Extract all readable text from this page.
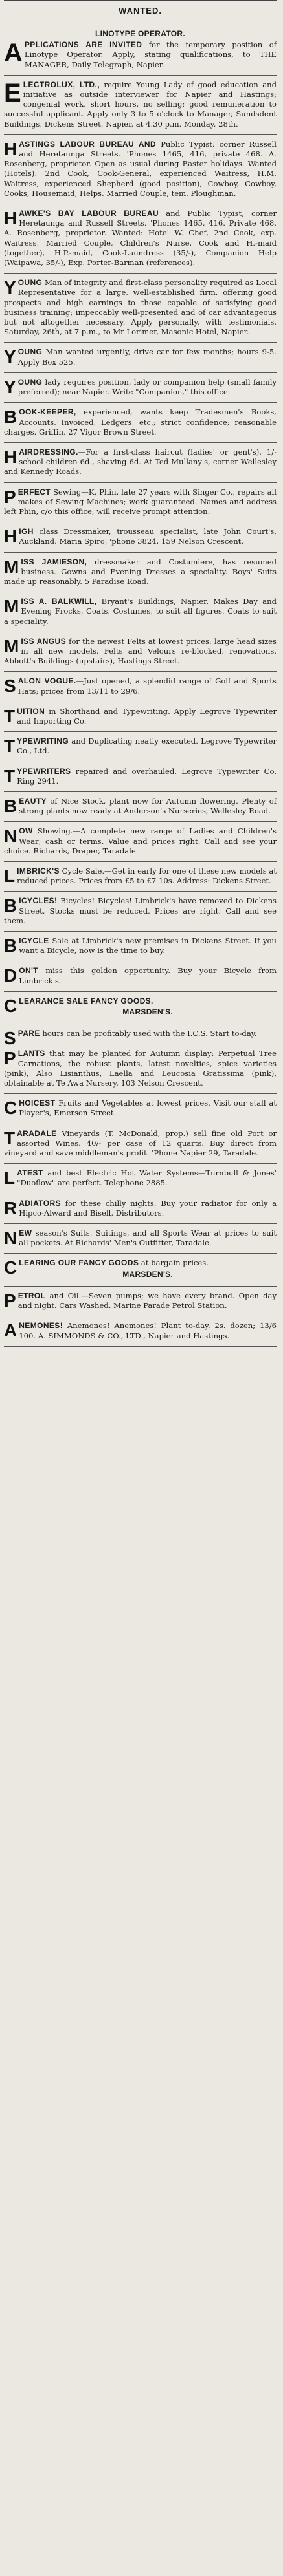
WANTED.
LINOTYPE OPERATOR.

APPLICATIONS ARE INVITED for the temporary position of Linotype Operator. Apply, stating qualifications, to THE MANAGER, Daily Telegraph, Napier.

ELECTROLUX, LTD., require Young Lady of good education and initiative as outside interviewer for Napier and Hastings; congenial work, short hours, no selling; good remuneration to successful applicant. Apply only 3 to 5 o'clock to Manager, Sundsdent Buildings, Dickens Street, Napier, at 4.30 p.m. Monday, 28th.

HASTINGS LABOUR BUREAU AND Public Typist, corner Russell and Heretaunga Streets. 'Phones 1465, 416, private 468. A. Rosenberg, proprietor. Open as usual during Easter holidays. Wanted (Hotels): 2nd Cook, Cook-General, experienced Waitress, H.M. Waitress, experienced Shepherd (good position), Cowboy, Cowboy, Cooks, Housemaid, Helps. Married Couple, tem. Ploughman.

HAWKE'S BAY LABOUR BUREAU and Public Typist, corner Heretaunga and Russell Streets. 'Phones 1465, 416. Private 468. A. Rosenberg, proprietor. Wanted: Hotel W. Chef, 2nd Cook, exp. Waitress, Married Couple, Children's Nurse, Cook and H.-maid (together), H.P.-maid, Cook-Laundress (35/-), Companion Help (Waipawa, 35/-), Exp. Porter-Barman (references).

YOUNG Man of integrity and first-class personality required as Local Representative for a large, well-established firm, offering good prospects and high earnings to those capable of satisfying good business training; impeccably well-presented and of car advantageous but not altogether necessary. Apply personally, with testimonials, Saturday, 26th, at 7 p.m., to Mr Lorimer, Masonic Hotel, Napier.

YOUNG Man wanted urgently, drive car for few months; hours 9-5. Apply Box 525.

YOUNG lady requires position, lady or companion help (small family preferred); near Napier. Write "Companion," this office.

BOOK-KEEPER, experienced, wants keep Tradesmen's Books, Accounts, Invoiced, Ledgers, etc.; strict confidence; reasonable charges. Griffin, 27 Vigor Brown Street.

HAIRDRESSING.—For a first-class haircut (ladies' or gent's), 1/- school children 6d., shaving 6d. At Ted Mullany's, corner Wellesley and Kennedy Roads.

PERFECT Sewing—K. Phin, late 27 years with Singer Co., repairs all makes of Sewing Machines; work guaranteed. Names and address left Phin, c/o this office, will receive prompt attention.

HIGH class Dressmaker, trousseau specialist, late John Court's, Auckland. Maria Spiro, 'phone 3824, 159 Nelson Crescent.

MISS JAMIESON, dressmaker and Costumiere, has resumed business. Gowns and Evening Dresses a speciality. Boys' Suits made up reasonably. 5 Paradise Road.

MISS A. BALKWILL, Bryant's Buildings, Napier. Makes Day and Evening Frocks, Coats, Costumes, to suit all figures. Coats to suit a speciality.

MISS ANGUS for the newest Felts at lowest prices: large head sizes in all new models. Felts and Velours re-blocked, renovations. Abbott's Buildings (upstairs), Hastings Street.

SALON VOGUE.—Just opened, a splendid range of Golf and Sports Hats; prices from 13/11 to 29/6.

TUITION in Shorthand and Typewriting. Apply Legrove Typewriter and Importing Co.

TYPEWRITING and Duplicating neatly executed. Legrove Typewriter Co., Ltd.

TYPEWRITERS repaired and overhauled. Legrove Typewriter Co. Ring 2941.

BEAUTY of Nice Stock, plant now for Autumn flowering. Plenty of strong plants now ready at Anderson's Nurseries, Wellesley Road.

NOW Showing.—A complete new range of Ladies and Children's Wear; cash or terms. Value and prices right. Call and see your choice. Richards, Draper, Taradale.

LIMBRICK'S Cycle Sale.—Get in early for one of these new models at reduced prices. Prices from £5 to £7 10s. Address: Dickens Street.

BICYCLES! Bicycles! Bicycles! Limbrick's have removed to Dickens Street. Stocks must be reduced. Prices are right. Call and see them.

BICYCLE Sale at Limbrick's new premises in Dickens Street. If you want a Bicycle, now is the time to buy.

DON'T miss this golden opportunity. Buy your Bicycle from Limbrick's.

CLEARANCE SALE FANCY GOODS.

MARSDEN'S.

SPARE hours can be profitably used with the I.C.S. Start to-day.

PLANTS that may be planted for Autumn display: Perpetual Tree Carnations, the robust plants, latest novelties, spice varieties (pink), Also Lisianthus, Laella and Leucosia Gratissima (pink), obtainable at Te Awa Nursery, 103 Nelson Crescent.

CHOICEST Fruits and Vegetables at lowest prices. Visit our stall at Player's, Emerson Street.

TARADALE Vineyards (T. McDonald, prop.) sell fine old Port or assorted Wines, 40/- per case of 12 quarts. Buy direct from vineyard and save middleman's profit. 'Phone Napier 29, Taradale.

LATEST and best Electric Hot Water Systems—Turnbull & Jones' "Duoflow" are perfect. Telephone 2885.

RADIATORS for these chilly nights. Buy your radiator for only a Hipco-Alward and Bisell, Distributors.

NEW season's Suits, Suitings, and all Sports Wear at prices to suit all pockets. At Richards' Men's Outfitter, Taradale.

CLEARING OUR FANCY GOODS at bargain prices.

MARSDEN'S.

PETROL and Oil.—Seven pumps; we have every brand. Open day and night. Cars Washed. Marine Parade Petrol Station.

ANEMONES! Anemones! Anemones! Plant to-day. 2s. dozen; 13/6 100. A. SIMMONDS & CO., LTD., Napier and Hastings.
